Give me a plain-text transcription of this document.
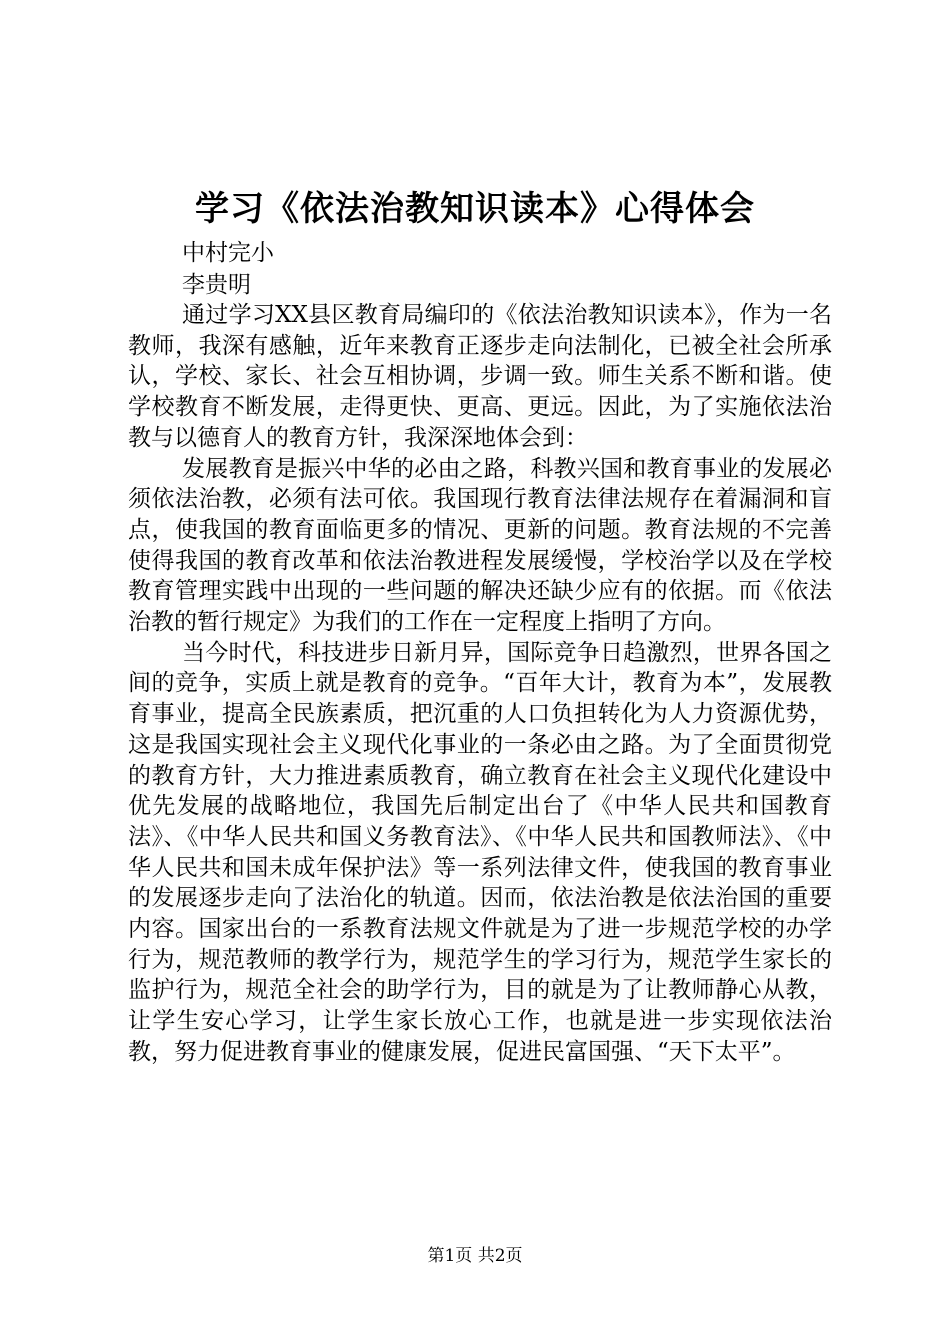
学习《依法治教知识读本》心得体会
中村完小
李贵明

通过学习XX县区教育局编印的《依法治教知识读本》，作为一名教师，我深有感触，近年来教育正逐步走向法制化，已被全社会所承认，学校、家长、社会互相协调，步调一致。师生关系不断和谐。使学校教育不断发展，走得更快、更高、更远。因此，为了实施依法治教与以德育人的教育方针，我深深地体会到：

发展教育是振兴中华的必由之路，科教兴国和教育事业的发展必须依法治教，必须有法可依。我国现行教育法律法规存在着漏洞和盲点，使我国的教育面临更多的情况、更新的问题。教育法规的不完善使得我国的教育改革和依法治教进程发展缓慢，学校治学以及在学校教育管理实践中出现的一些问题的解决还缺少应有的依据。而《依法治教的暂行规定》为我们的工作在一定程度上指明了方向。

当今时代，科技进步日新月异，国际竞争日趋激烈，世界各国之间的竞争，实质上就是教育的竞争。“百年大计，教育为本”，发展教育事业，提高全民族素质，把沉重的人口负担转化为人力资源优势，这是我国实现社会主义现代化事业的一条必由之路。为了全面贯彻党的教育方针，大力推进素质教育，确立教育在社会主义现代化建设中优先发展的战略地位，我国先后制定出台了《中华人民共和国教育法》、《中华人民共和国义务教育法》、《中华人民共和国教师法》、《中华人民共和国未成年保护法》等一系列法律文件，使我国的教育事业的发展逐步走向了法治化的轨道。因而，依法治教是依法治国的重要内容。国家出台的一系教育法规文件就是为了进一步规范学校的办学行为，规范教师的教学行为，规范学生的学习行为，规范学生家长的监护行为，规范全社会的助学行为，目的就是为了让教师静心从教，让学生安心学习，让学生家长放心工作，也就是进一步实现依法治教，努力促进教育事业的健康发展，促进民富国强、“天下太平”。

第1页 共2页
